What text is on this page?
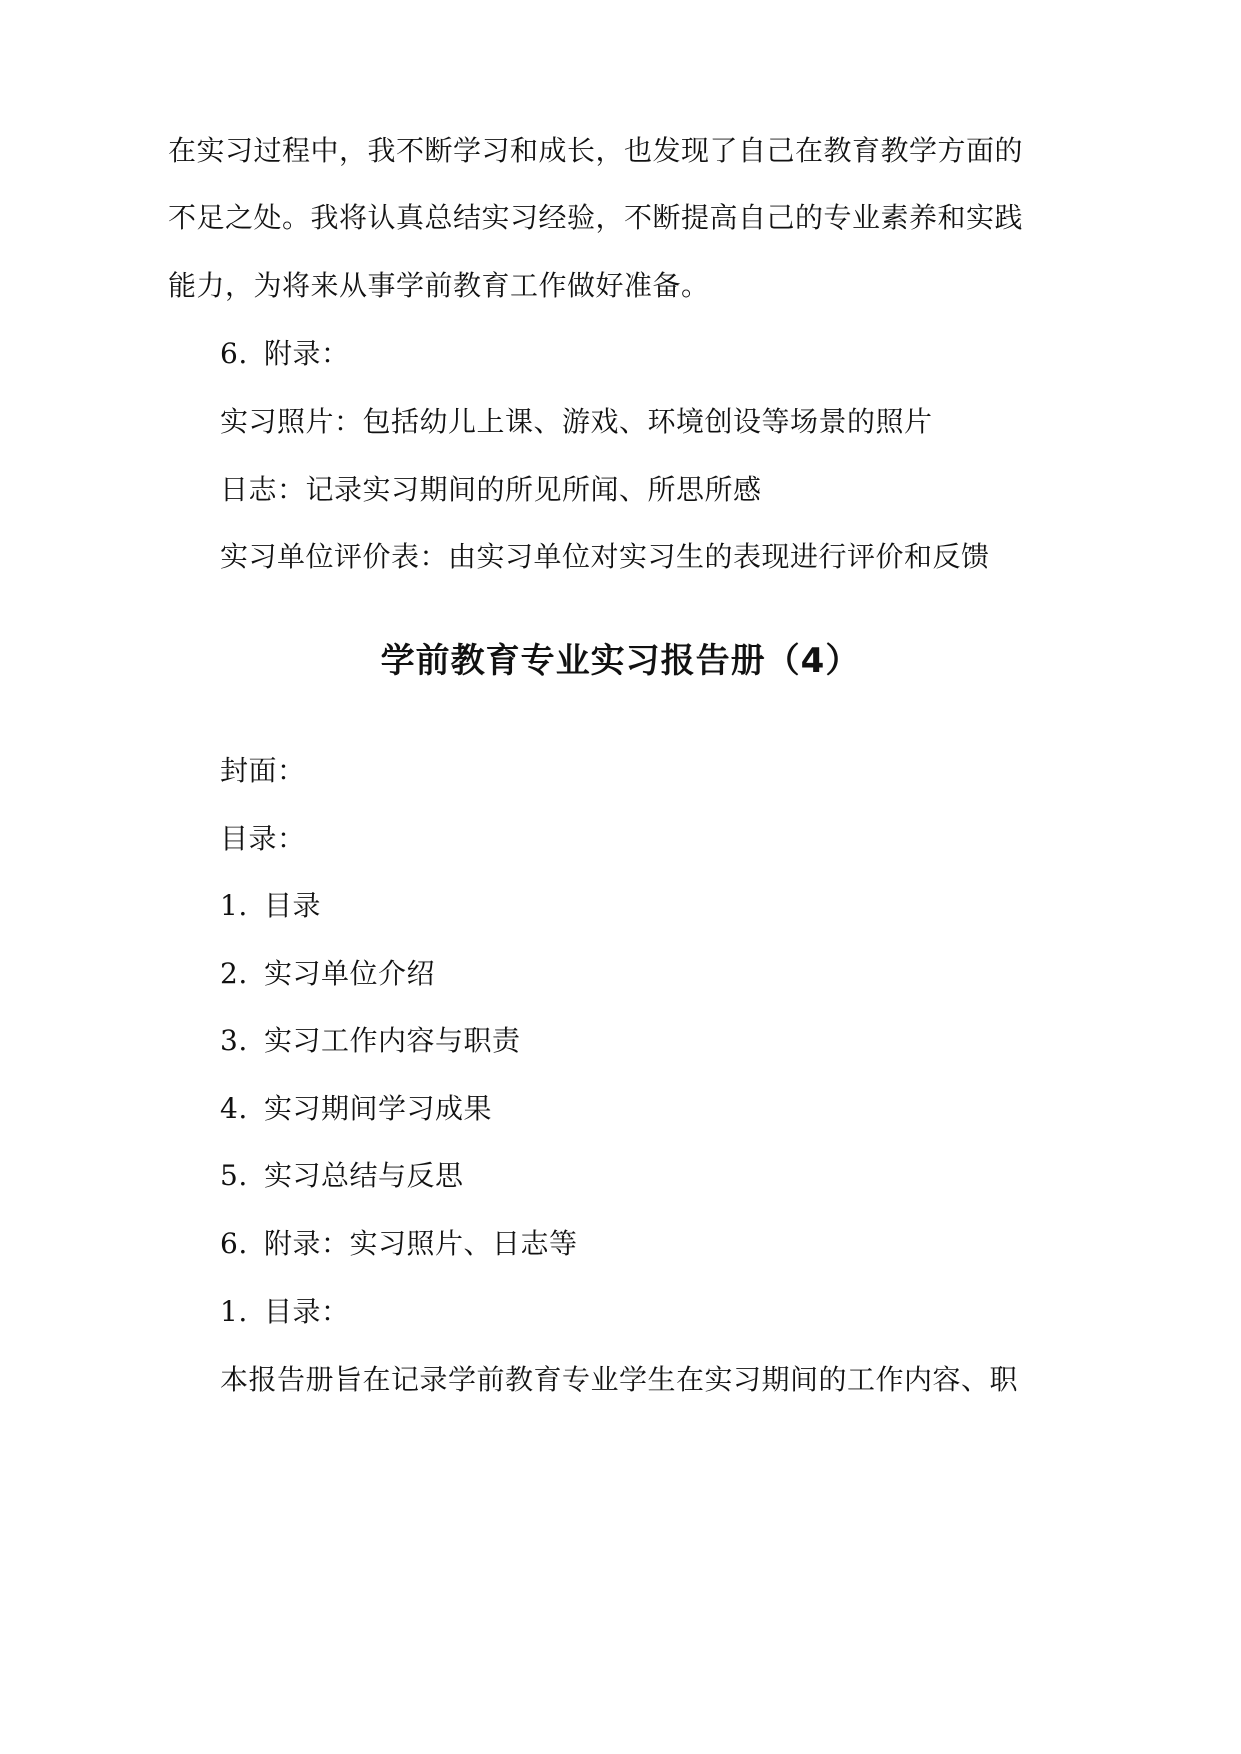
在实习过程中，我不断学习和成长，也发现了自己在教育教学方面的
不足之处。我将认真总结实习经验，不断提高自己的专业素养和实践
能力，为将来从事学前教育工作做好准备。
6. 附录：
实习照片：包括幼儿上课、游戏、环境创设等场景的照片
日志：记录实习期间的所见所闻、所思所感
实习单位评价表：由实习单位对实习生的表现进行评价和反馈
学前教育专业实习报告册（4）
封面：
目录：
1. 目录
2. 实习单位介绍
3. 实习工作内容与职责
4. 实习期间学习成果
5. 实习总结与反思
6. 附录：实习照片、日志等
1. 目录：
本报告册旨在记录学前教育专业学生在实习期间的工作内容、职
